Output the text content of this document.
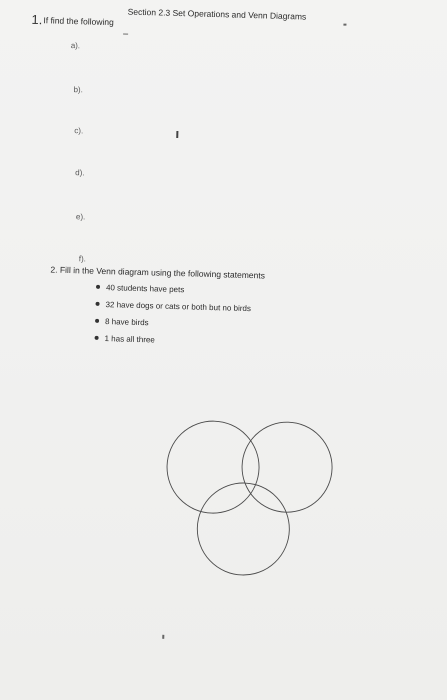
Section 2.3 Set Operations and Venn Diagrams
1. If find the following
a).
b).
c).
d).
e).
f).
2. Fill in the Venn diagram using the following statements
40 students have pets
32 have dogs or cats or both but no birds
8 have birds
1 has all three
